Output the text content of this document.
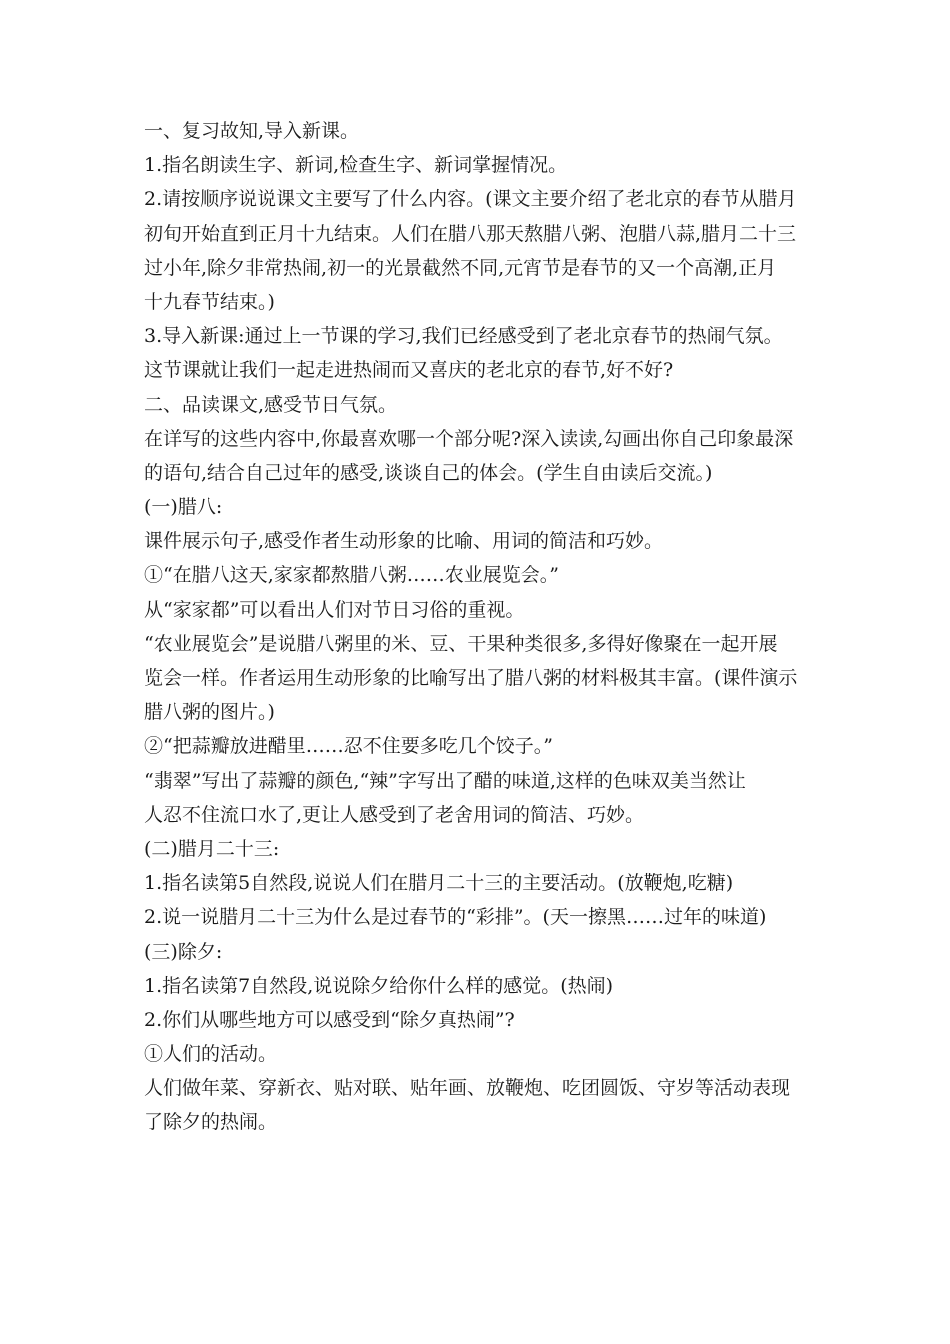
一、复习故知,导入新课。
1.指名朗读生字、新词,检查生字、新词掌握情况。
2.请按顺序说说课文主要写了什么内容。(课文主要介绍了老北京的春节从腊月
初旬开始直到正月十九结束。人们在腊八那天熬腊八粥、泡腊八蒜,腊月二十三
过小年,除夕非常热闹,初一的光景截然不同,元宵节是春节的又一个高潮,正月
十九春节结束。)
3.导入新课:通过上一节课的学习,我们已经感受到了老北京春节的热闹气氛。
这节课就让我们一起走进热闹而又喜庆的老北京的春节,好不好?
二、品读课文,感受节日气氛。
在详写的这些内容中,你最喜欢哪一个部分呢?深入读读,勾画出你自己印象最深
的语句,结合自己过年的感受,谈谈自己的体会。(学生自由读后交流。)
(一)腊八:
课件展示句子,感受作者生动形象的比喻、用词的简洁和巧妙。
①“在腊八这天,家家都熬腊八粥……农业展览会。”
从“家家都”可以看出人们对节日习俗的重视。
“农业展览会”是说腊八粥里的米、豆、干果种类很多,多得好像聚在一起开展
览会一样。作者运用生动形象的比喻写出了腊八粥的材料极其丰富。(课件演示
腊八粥的图片。)
②“把蒜瓣放进醋里……忍不住要多吃几个饺子。”
“翡翠”写出了蒜瓣的颜色,“辣”字写出了醋的味道,这样的色味双美当然让
人忍不住流口水了,更让人感受到了老舍用词的简洁、巧妙。
(二)腊月二十三:
1.指名读第5自然段,说说人们在腊月二十三的主要活动。(放鞭炮,吃糖)
2.说一说腊月二十三为什么是过春节的“彩排”。(天一擦黑……过年的味道)
(三)除夕:
1.指名读第7自然段,说说除夕给你什么样的感觉。(热闹)
2.你们从哪些地方可以感受到“除夕真热闹”?
①人们的活动。
人们做年菜、穿新衣、贴对联、贴年画、放鞭炮、吃团圆饭、守岁等活动表现
了除夕的热闹。
